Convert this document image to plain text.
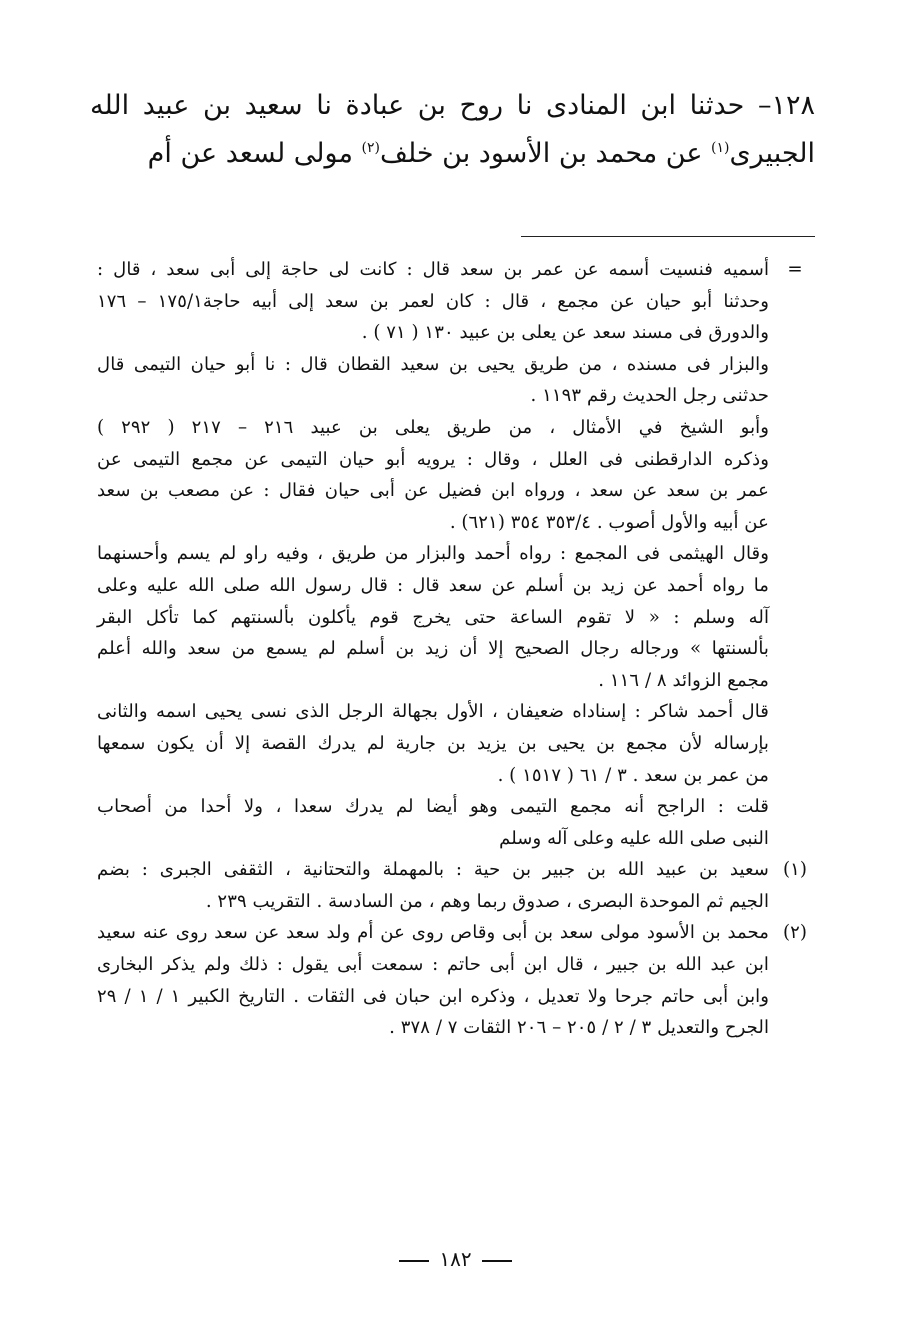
١٢٨– حدثنا ابن المنادى نا روح بن عبادة نا سعيد بن عبيد الله
الجبيرى$^{(١)}$ عن محمد بن الأسود بن خلف$^{(٢)}$ مولى لسعد عن أم
=
أسميه فنسيت أسمه عن عمر بن سعد قال : كانت لى حاجة إلى أبى سعد ، قال :
وحدثنا أبو حيان عن مجمع ، قال : كان لعمر بن سعد إلى أبيه حاجة١٧٥/١ – ١٧٦
والدورق فى مسند سعد عن يعلى بن عبيد ١٣٠ ( ٧١ ) .
والبزار فى مسنده ، من طريق يحيى بن سعيد القطان قال : نا أبو حيان التيمى قال
حدثنى رجل الحديث رقم ١١٩٣ .
وأبو الشيخ في الأمثال ، من طريق يعلى بن عبيد ٢١٦ – ٢١٧ ( ٢٩٢ )
وذكره الدارقطنى فى العلل ، وقال : يرويه أبو حيان التيمى عن مجمع التيمى عن
عمر بن سعد عن سعد ، ورواه ابن فضيل عن أبى حيان فقال : عن مصعب بن سعد
عن أبيه والأول أصوب . ٣٥٣/٤ ٣٥٤ (٦٢١) .
وقال الهيثمى فى المجمع : رواه أحمد والبزار من طريق ، وفيه راو لم يسم وأحسنهما
ما رواه أحمد عن زيد بن أسلم عن سعد قال : قال رسول الله صلى الله عليه وعلى
آله وسلم : « لا تقوم الساعة حتى يخرج قوم يأكلون بألسنتهم كما تأكل البقر
بألسنتها » ورجاله رجال الصحيح إلا أن زيد بن أسلم لم يسمع من سعد والله أعلم
مجمع الزوائد ٨ / ١١٦ .
قال أحمد شاكر : إسناداه ضعيفان ، الأول بجهالة الرجل الذى نسى يحيى اسمه والثانى
بإرساله لأن مجمع بن يحيى بن يزيد بن جارية لم يدرك القصة إلا أن يكون سمعها
من عمر بن سعد . ٣ / ٦١ ( ١٥١٧ ) .
قلت : الراجح أنه مجمع التيمى وهو أيضا لم يدرك سعدا ، ولا أحدا من أصحاب
النبى صلى الله عليه وعلى آله وسلم
(١)
سعيد بن عبيد الله بن جبير بن حية : بالمهملة والتحتانية ، الثقفى الجبرى : بضم
الجيم ثم الموحدة البصرى ، صدوق ربما وهم ، من السادسة . التقريب ٢٣٩ .
(٢)
محمد بن الأسود مولى سعد بن أبى وقاص روى عن أم ولد سعد عن سعد روى عنه سعيد
ابن عبد الله بن جبير ، قال ابن أبى حاتم : سمعت أبى يقول : ذلك ولم يذكر البخارى
وابن أبى حاتم جرحا ولا تعديل ، وذكره ابن حبان فى الثقات . التاريخ الكبير ١ / ١ / ٢٩
الجرح والتعديل ٣ / ٢ / ٢٠٥ – ٢٠٦ الثقات ٧ / ٣٧٨ .
١٨٢
